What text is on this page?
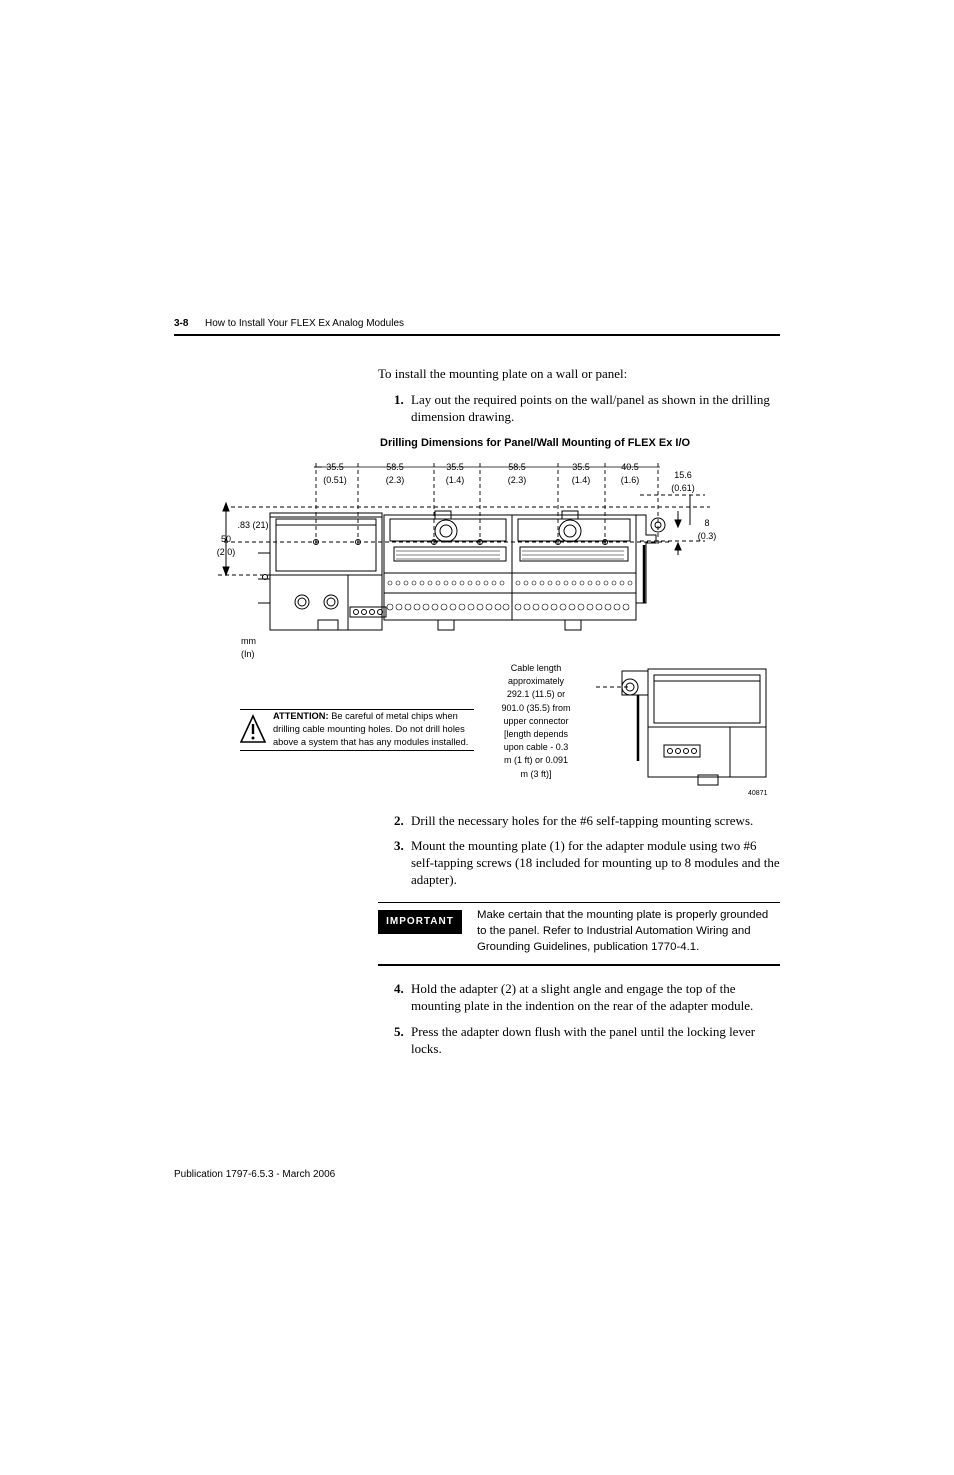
3-8 How to Install Your FLEX Ex Analog Modules
To install the mounting plate on a wall or panel:
1. Lay out the required points on the wall/panel as shown in the drilling dimension drawing.
Drilling Dimensions for Panel/Wall Mounting of FLEX Ex I/O
35.5
(0.51)
58.5
(2.3)
35.5
(1.4)
58.5
(2.3)
35.5
(1.4)
40.5
(1.6)	15.6
(0.61)
.83 (21)
50
(2.0)
8
(0.3)
mm
(In)
ATTENTION: Be careful of metal chips when drilling cable mounting holes. Do not drill holes above a system that has any modules installed.
Cable length approximately 292.1 (11.5) or 901.0 (35.5) from upper connector [length depends upon cable - 0.3 m (1 ft) or 0.091 m (3 ft)]
40871
2. Drill the necessary holes for the #6 self-tapping mounting screws.
3. Mount the mounting plate (1) for the adapter module using two #6 self-tapping screws (18 included for mounting up to 8 modules and the adapter).
IMPORTANT
Make certain that the mounting plate is properly grounded to the panel. Refer to Industrial Automation Wiring and Grounding Guidelines, publication 1770-4.1.
4. Hold the adapter (2) at a slight angle and engage the top of the mounting plate in the indention on the rear of the adapter module.
5. Press the adapter down flush with the panel until the locking lever locks.
Publication 1797-6.5.3 - March 2006
